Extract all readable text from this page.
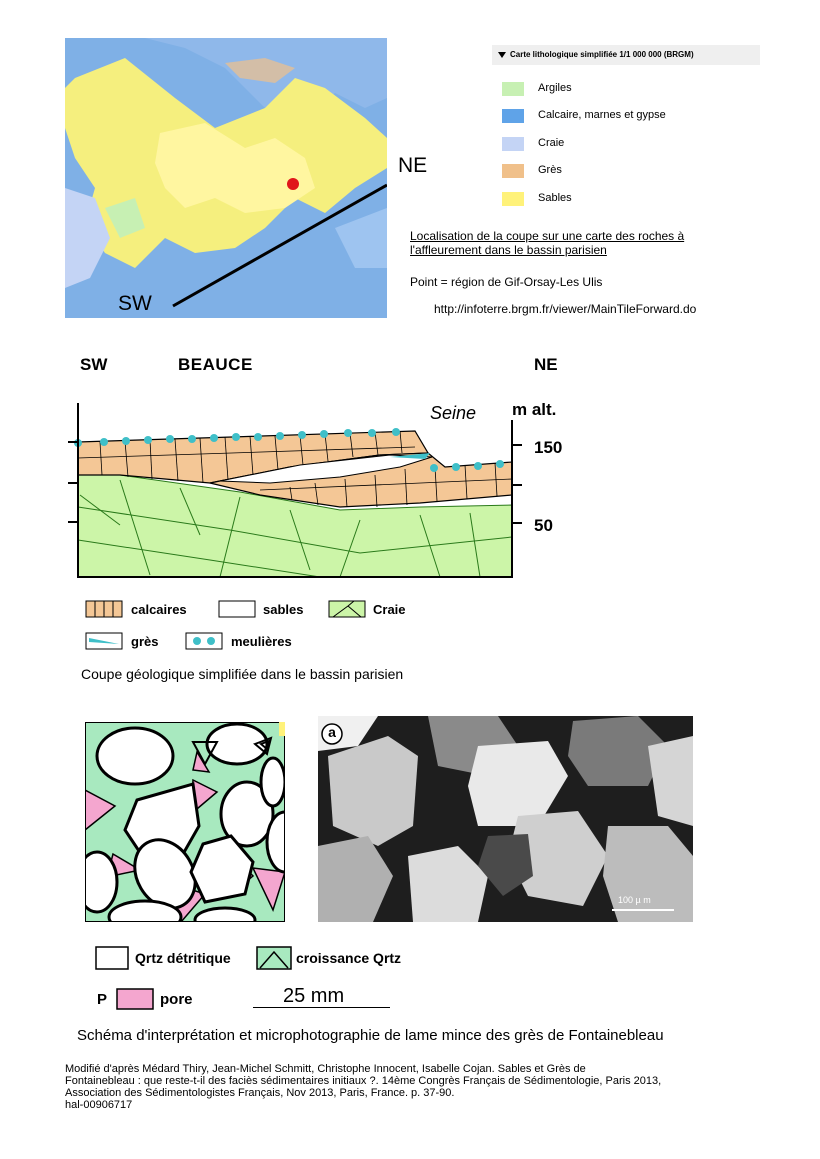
NE
SW
Carte lithologique simplifiée 1/1 000 000 (BRGM)
Argiles
Calcaire, marnes et gypse
Craie
Grès
Sables
Localisation de la coupe sur une carte des roches à l'affleurement dans le bassin parisien
Point = région de Gif-Orsay-Les Ulis
http://infoterre.brgm.fr/viewer/MainTileForward.do
SW	BEAUCE	NE
Seine m alt.
150
50
calcaires	sables	Craie
grès	meulières
Coupe géologique simplifiée dans le bassin parisien
a
100 µ m
Qrtz détritique	croissance Qrtz
P	pore	25 mm
Schéma d'interprétation et microphotographie de lame mince des grès de Fontainebleau
Modifié d'après Médard Thiry, Jean-Michel Schmitt, Christophe Innocent, Isabelle Cojan. Sables et Grès de
Fontainebleau : que reste-t-il des faciès sédimentaires initiaux ?. 14ème Congrès Français de Sédimentologie, Paris 2013,
Association des Sédimentologistes Français, Nov 2013, Paris, France. p. 37-90.
hal-00906717
